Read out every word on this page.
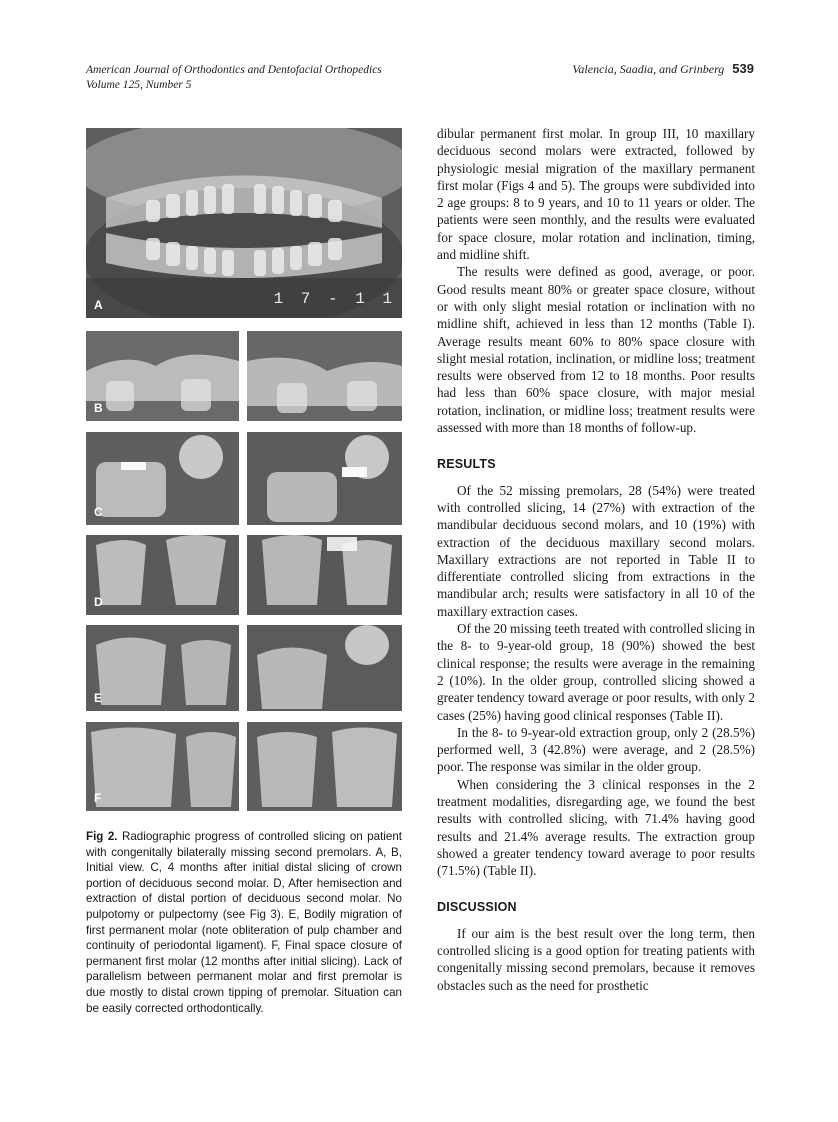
American Journal of Orthodontics and Dentofacial Orthopedics
Volume 125, Number 5
Valencia, Saadia, and Grinberg 539
A	1 7 - 1 1
B
C
D
E
F
Fig 2. Radiographic progress of controlled slicing on patient with congenitally bilaterally missing second premolars. A, B, Initial view. C, 4 months after initial distal slicing of crown portion of deciduous second molar. D, After hemisection and extraction of distal portion of deciduous second molar. No pulpotomy or pulpectomy (see Fig 3). E, Bodily migration of first permanent molar (note obliteration of pulp chamber and continuity of periodontal ligament). F, Final space closure of permanent first molar (12 months after initial slicing). Lack of parallelism between permanent molar and first premolar is due mostly to distal crown tipping of premolar. Situation can be easily corrected orthodontically.

dibular permanent first molar. In group III, 10 maxillary deciduous second molars were extracted, followed by physiologic mesial migration of the maxillary permanent first molar (Figs 4 and 5). The groups were subdivided into 2 age groups: 8 to 9 years, and 10 to 11 years or older. The patients were seen monthly, and the results were evaluated for space closure, molar rotation and inclination, timing, and midline shift.

The results were defined as good, average, or poor. Good results meant 80% or greater space closure, without or with only slight mesial rotation or inclination with no midline shift, achieved in less than 12 months (Table I). Average results meant 60% to 80% space closure with slight mesial rotation, inclination, or midline loss; treatment results were observed from 12 to 18 months. Poor results had less than 60% space closure, with major mesial rotation, inclination, or midline loss; treatment results were assessed with more than 18 months of follow-up.

RESULTS

Of the 52 missing premolars, 28 (54%) were treated with controlled slicing, 14 (27%) with extraction of the mandibular deciduous second molars, and 10 (19%) with extraction of the deciduous maxillary second molars. Maxillary extractions are not reported in Table II to differentiate controlled slicing from extractions in the mandibular arch; results were satisfactory in all 10 of the maxillary extraction cases.

Of the 20 missing teeth treated with controlled slicing in the 8- to 9-year-old group, 18 (90%) showed the best clinical response; the results were average in the remaining 2 (10%). In the older group, controlled slicing showed a greater tendency toward average or poor results, with only 2 cases (25%) having good clinical responses (Table II).

In the 8- to 9-year-old extraction group, only 2 (28.5%) performed well, 3 (42.8%) were average, and 2 (28.5%) poor. The response was similar in the older group.

When considering the 3 clinical responses in the 2 treatment modalities, disregarding age, we found the best results with controlled slicing, with 71.4% having good results and 21.4% average results. The extraction group showed a greater tendency toward average to poor results (71.5%) (Table II).

DISCUSSION

If our aim is the best result over the long term, then controlled slicing is a good option for treating patients with congenitally missing second premolars, because it removes obstacles such as the need for prosthetic
